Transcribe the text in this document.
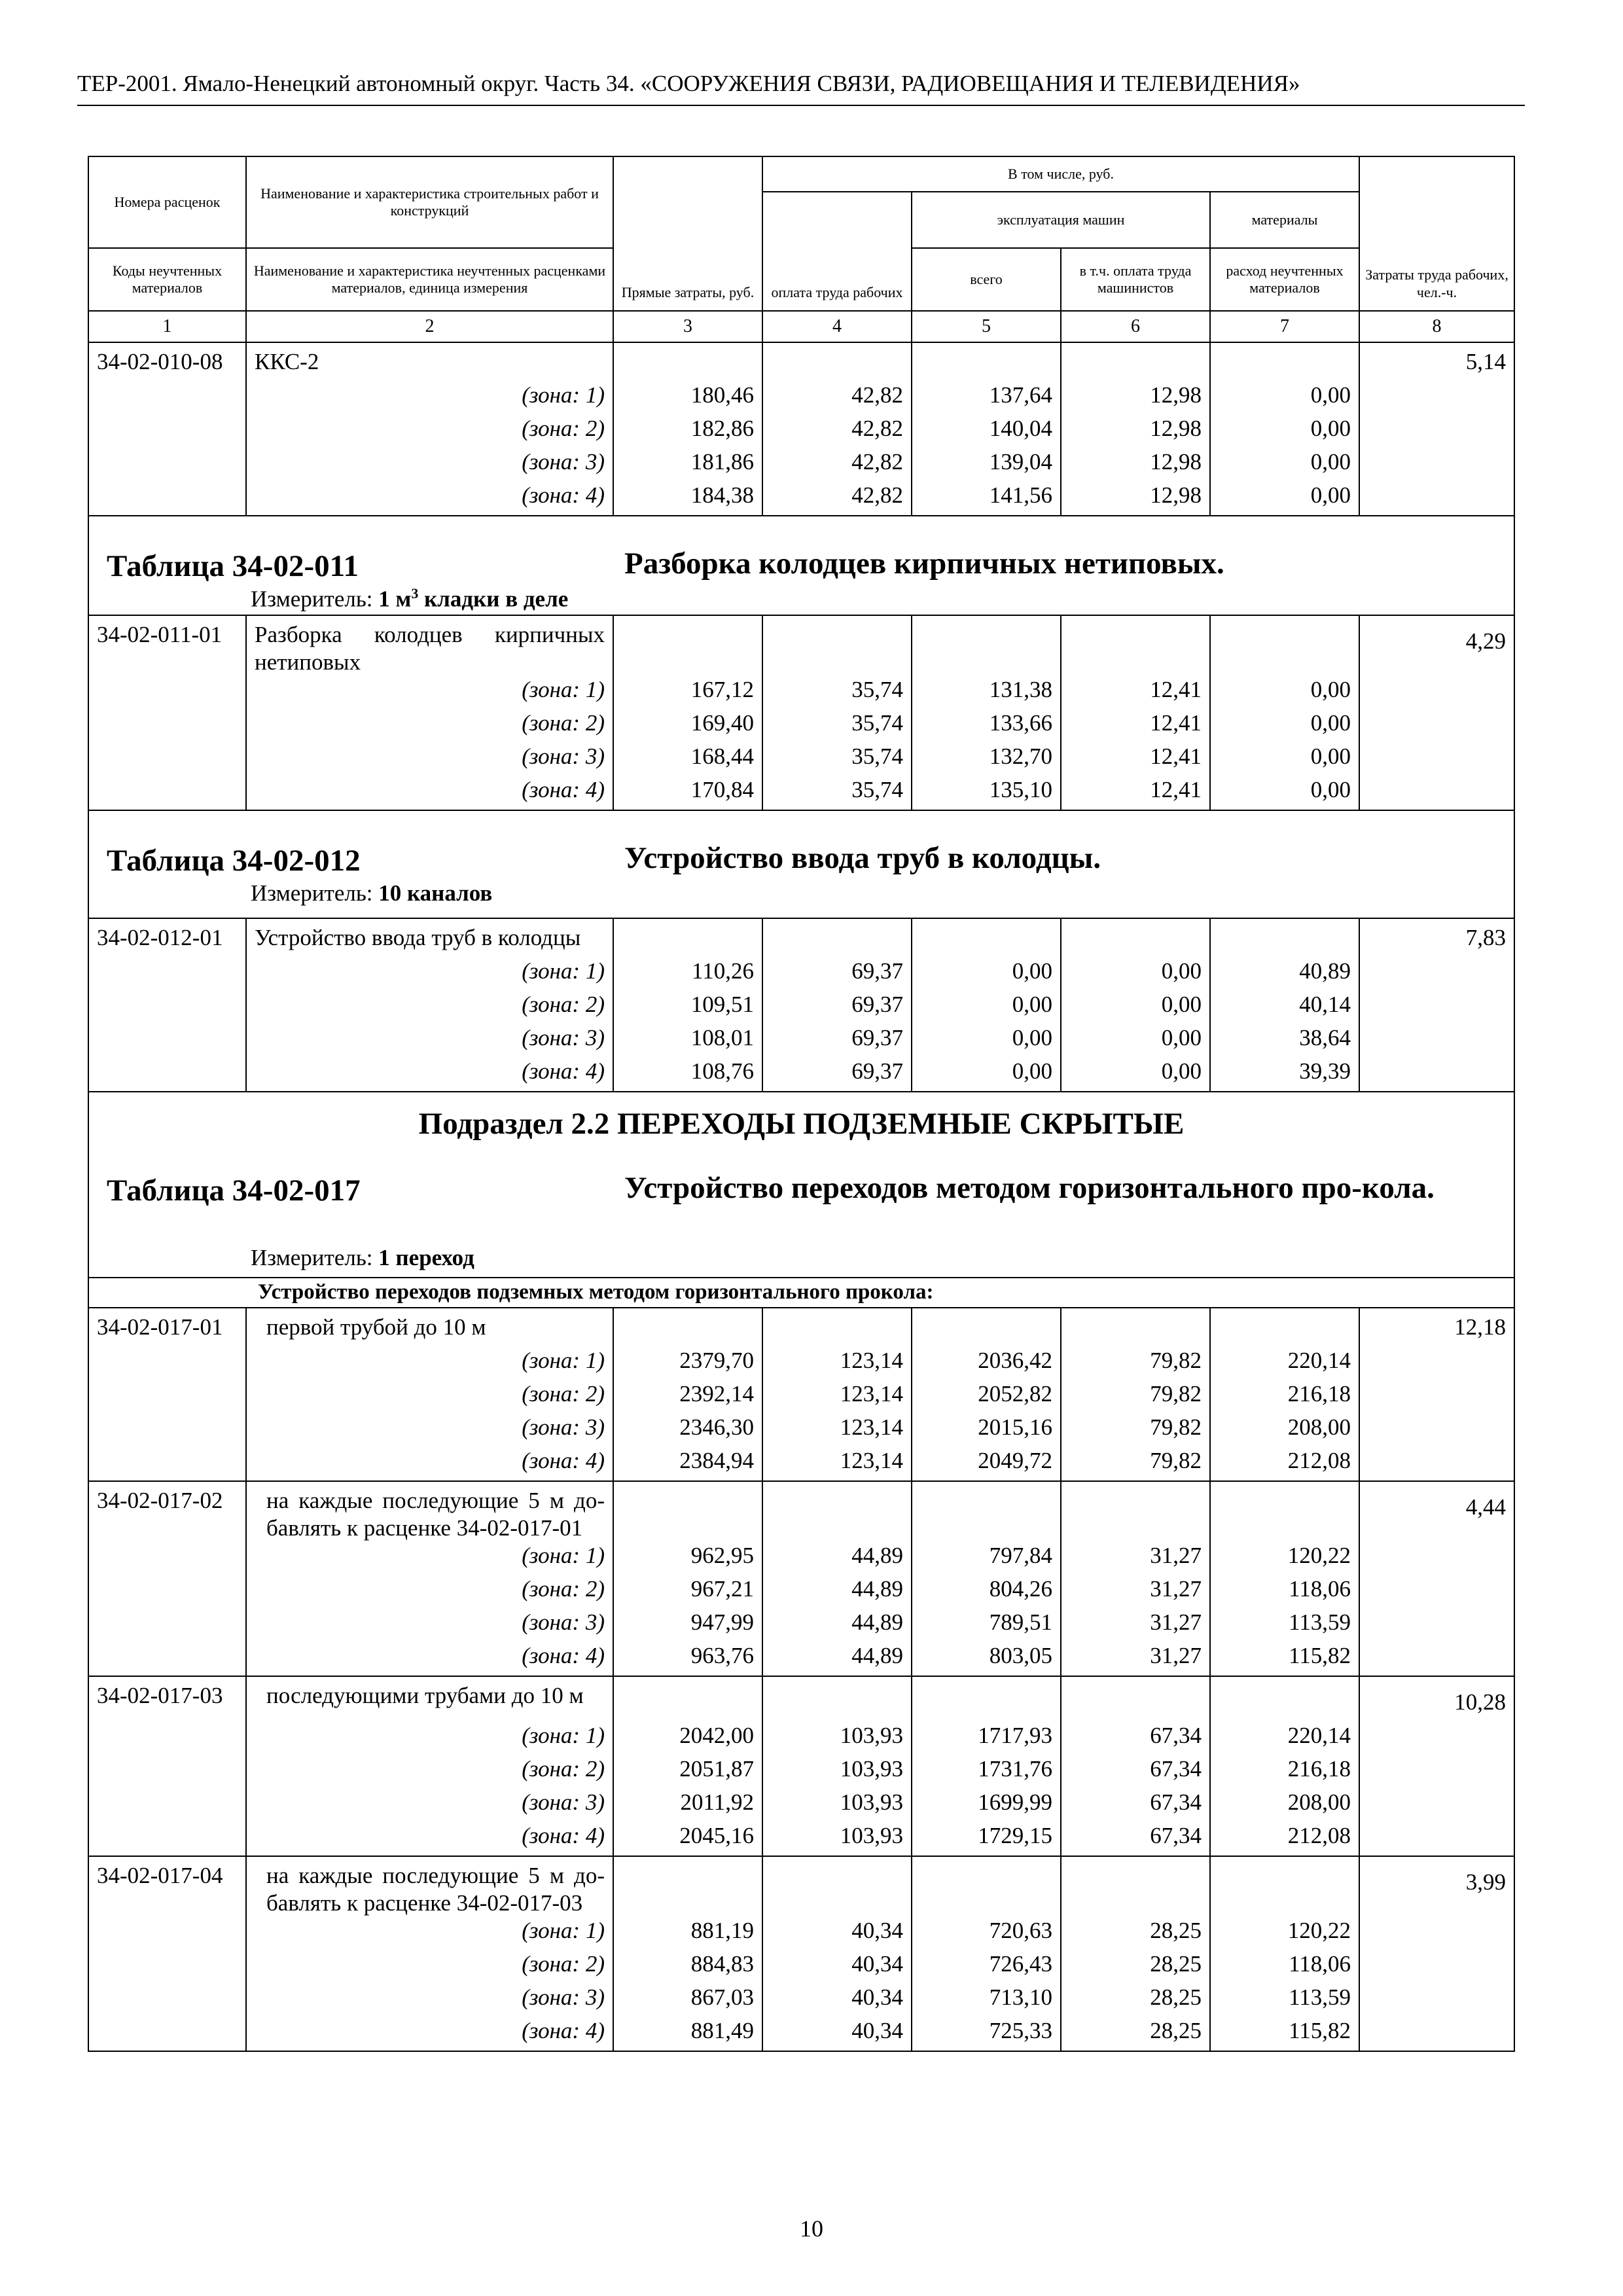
ТЕР-2001. Ямало-Ненецкий автономный округ. Часть 34. «СООРУЖЕНИЯ СВЯЗИ, РАДИОВЕЩАНИЯ И ТЕЛЕВИДЕНИЯ»
Номера расценок	Наименование и характеристика строительных работ и конструкций	Прямые затраты, руб.	В том числе, руб.				Затраты труда рабочих, чел.-ч.
			оплата труда рабочих	эксплуатация машин		материалы	
Коды неучтенных материалов	Наименование и характеристика неучтенных расценками материалов, единица измерения			всего	в т.ч. оплата труда машинистов	расход неучтенных материалов	
1	2	3	4	5	6	7	8
34-02-010-08	ККС-2						5,14
	(зона: 1)	180,46	42,82	137,64	12,98	0,00	
	(зона: 2)	182,86	42,82	140,04	12,98	0,00	
	(зона: 3)	181,86	42,82	139,04	12,98	0,00	
	(зона: 4)	184,38	42,82	141,56	12,98	0,00	

Таблица 34-02-011 Разборка колодцев кирпичных нетиповых.
Измеритель: 1 $м^3$ кладки в деле							

34-02-011-01	Разборка колодцев кирпичных нетиповых						4,29
	(зона: 1)	167,12	35,74	131,38	12,41	0,00	
	(зона: 2)	169,40	35,74	133,66	12,41	0,00	
	(зона: 3)	168,44	35,74	132,70	12,41	0,00	
	(зона: 4)	170,84	35,74	135,10	12,41	0,00	

Таблица 34-02-012 Устройство ввода труб в колодцы.
Измеритель: 10 каналов							

34-02-012-01	Устройство ввода труб в колодцы						7,83
	(зона: 1)	110,26	69,37	0,00	0,00	40,89	
	(зона: 2)	109,51	69,37	0,00	0,00	40,14	
	(зона: 3)	108,01	69,37	0,00	0,00	38,64	
	(зона: 4)	108,76	69,37	0,00	0,00	39,39	

Подраздел 2.2 ПЕРЕХОДЫ ПОДЗЕМНЫЕ СКРЫТЫЕ
Таблица 34-02-017 Устройство переходов методом горизонтального про-кола.
Измеритель: 1 переход							

Устройство переходов подземных методом горизонтального прокола:							
34-02-017-01	первой трубой до 10 м						12,18
	(зона: 1)	2379,70	123,14	2036,42	79,82	220,14	
	(зона: 2)	2392,14	123,14	2052,82	79,82	216,18	
	(зона: 3)	2346,30	123,14	2015,16	79,82	208,00	
	(зона: 4)	2384,94	123,14	2049,72	79,82	212,08	
34-02-017-02	на каждые последующие 5 м до-бавлять к расценке 34-02-017-01						4,44
	(зона: 1)	962,95	44,89	797,84	31,27	120,22	
	(зона: 2)	967,21	44,89	804,26	31,27	118,06	
	(зона: 3)	947,99	44,89	789,51	31,27	113,59	
	(зона: 4)	963,76	44,89	803,05	31,27	115,82	
34-02-017-03	последующими трубами до 10 м						10,28
	(зона: 1)	2042,00	103,93	1717,93	67,34	220,14	
	(зона: 2)	2051,87	103,93	1731,76	67,34	216,18	
	(зона: 3)	2011,92	103,93	1699,99	67,34	208,00	
	(зона: 4)	2045,16	103,93	1729,15	67,34	212,08	
34-02-017-04	на каждые последующие 5 м до-бавлять к расценке 34-02-017-03						3,99
	(зона: 1)	881,19	40,34	720,63	28,25	120,22	
	(зона: 2)	884,83	40,34	726,43	28,25	118,06	
	(зона: 3)	867,03	40,34	713,10	28,25	113,59	
	(зона: 4)	881,49	40,34	725,33	28,25	115,82	
10
